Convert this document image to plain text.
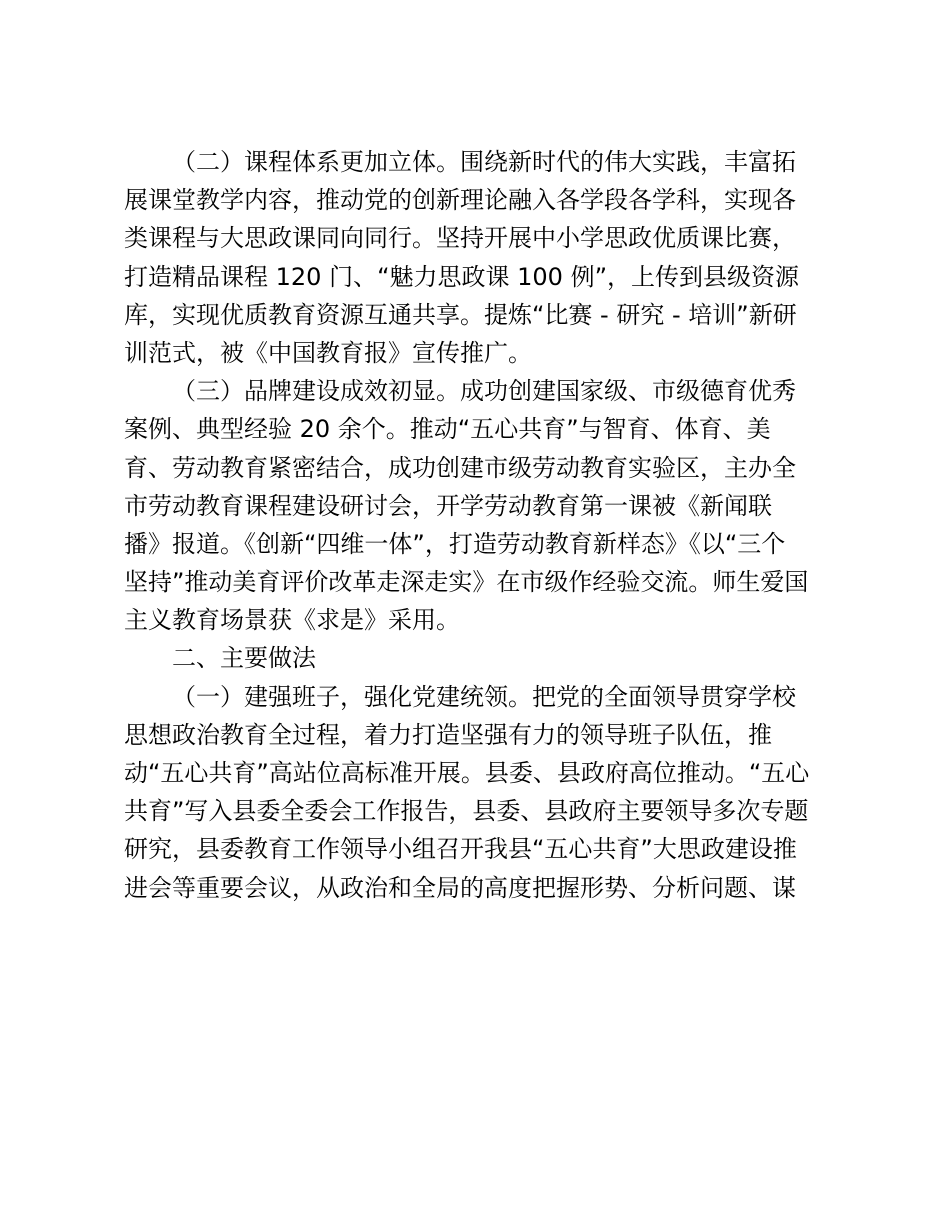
（二）课程体系更加立体。围绕新时代的伟大实践，丰富拓
展课堂教学内容，推动党的创新理论融入各学段各学科，实现各
类课程与大思政课同向同行。坚持开展中小学思政优质课比赛，
打造精品课程 120 门、“魅力思政课 100 例”，上传到县级资源
库，实现优质教育资源互通共享。提炼“比赛 - 研究 - 培训”新研
训范式，被《中国教育报》宣传推广。
（三）品牌建设成效初显。成功创建国家级、市级德育优秀
案例、典型经验 20 余个。推动“五心共育”与智育、体育、美
育、劳动教育紧密结合，成功创建市级劳动教育实验区，主办全
市劳动教育课程建设研讨会，开学劳动教育第一课被《新闻联
播》报道。《创新“四维一体”，打造劳动教育新样态》《以“三个
坚持”推动美育评价改革走深走实》在市级作经验交流。师生爱国
主义教育场景获《求是》采用。
二、主要做法
（一）建强班子，强化党建统领。把党的全面领导贯穿学校
思想政治教育全过程，着力打造坚强有力的领导班子队伍，推
动“五心共育”高站位高标准开展。县委、县政府高位推动。“五心
共育”写入县委全委会工作报告，县委、县政府主要领导多次专题
研究，县委教育工作领导小组召开我县“五心共育”大思政建设推
进会等重要会议，从政治和全局的高度把握形势、分析问题、谋
